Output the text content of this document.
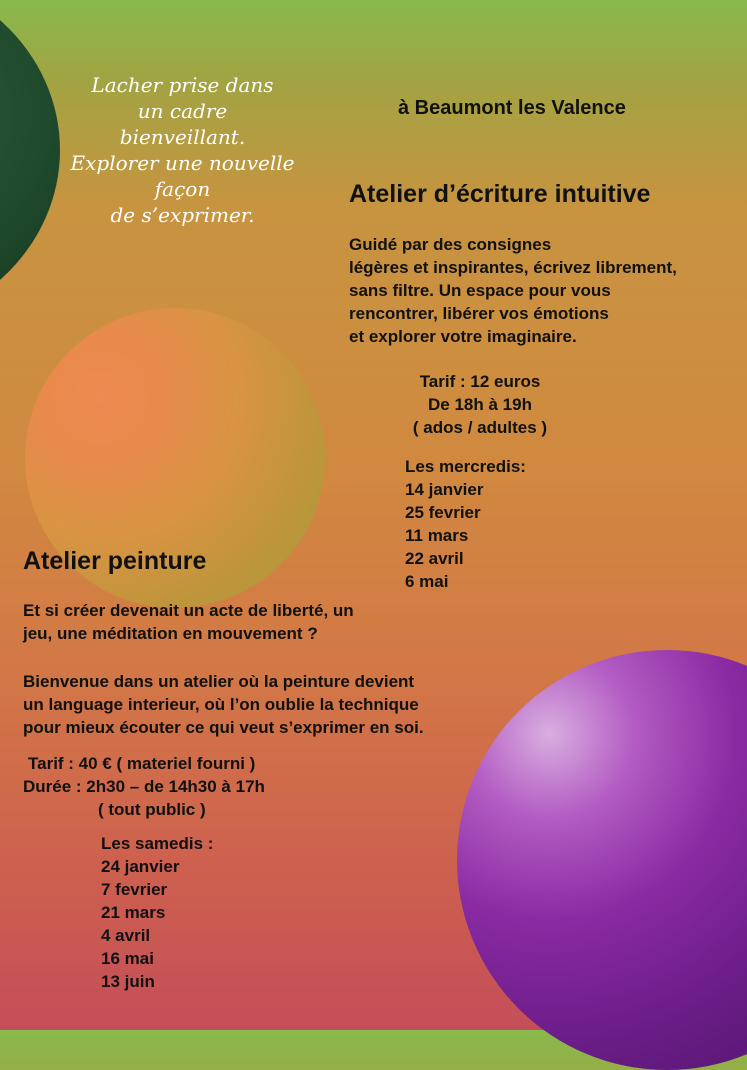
Lacher prise dans
un cadre
bienveillant.
Explorer une nouvelle
façon
de s’exprimer.
à Beaumont les Valence
Atelier d’écriture intuitive
Guidé par des consignes
légères et inspirantes, écrivez librement,
sans filtre. Un espace pour vous
rencontrer, libérer vos émotions
et explorer votre imaginaire.
Tarif : 12 euros
De 18h à 19h
( ados / adultes )
Les mercredis:
14 janvier
25 fevrier
11 mars
22 avril
6 mai
Atelier peinture
Et si créer devenait un acte de liberté, un
jeu, une méditation en mouvement ?
Bienvenue dans un atelier où la peinture devient
un language interieur, où l’on oublie la technique
pour mieux écouter ce qui veut s’exprimer en soi.
Tarif : 40 € ( materiel fourni )
Durée : 2h30 – de 14h30 à 17h
( tout public )
Les samedis :
24 janvier
7 fevrier
21 mars
4 avril
16 mai
13 juin
